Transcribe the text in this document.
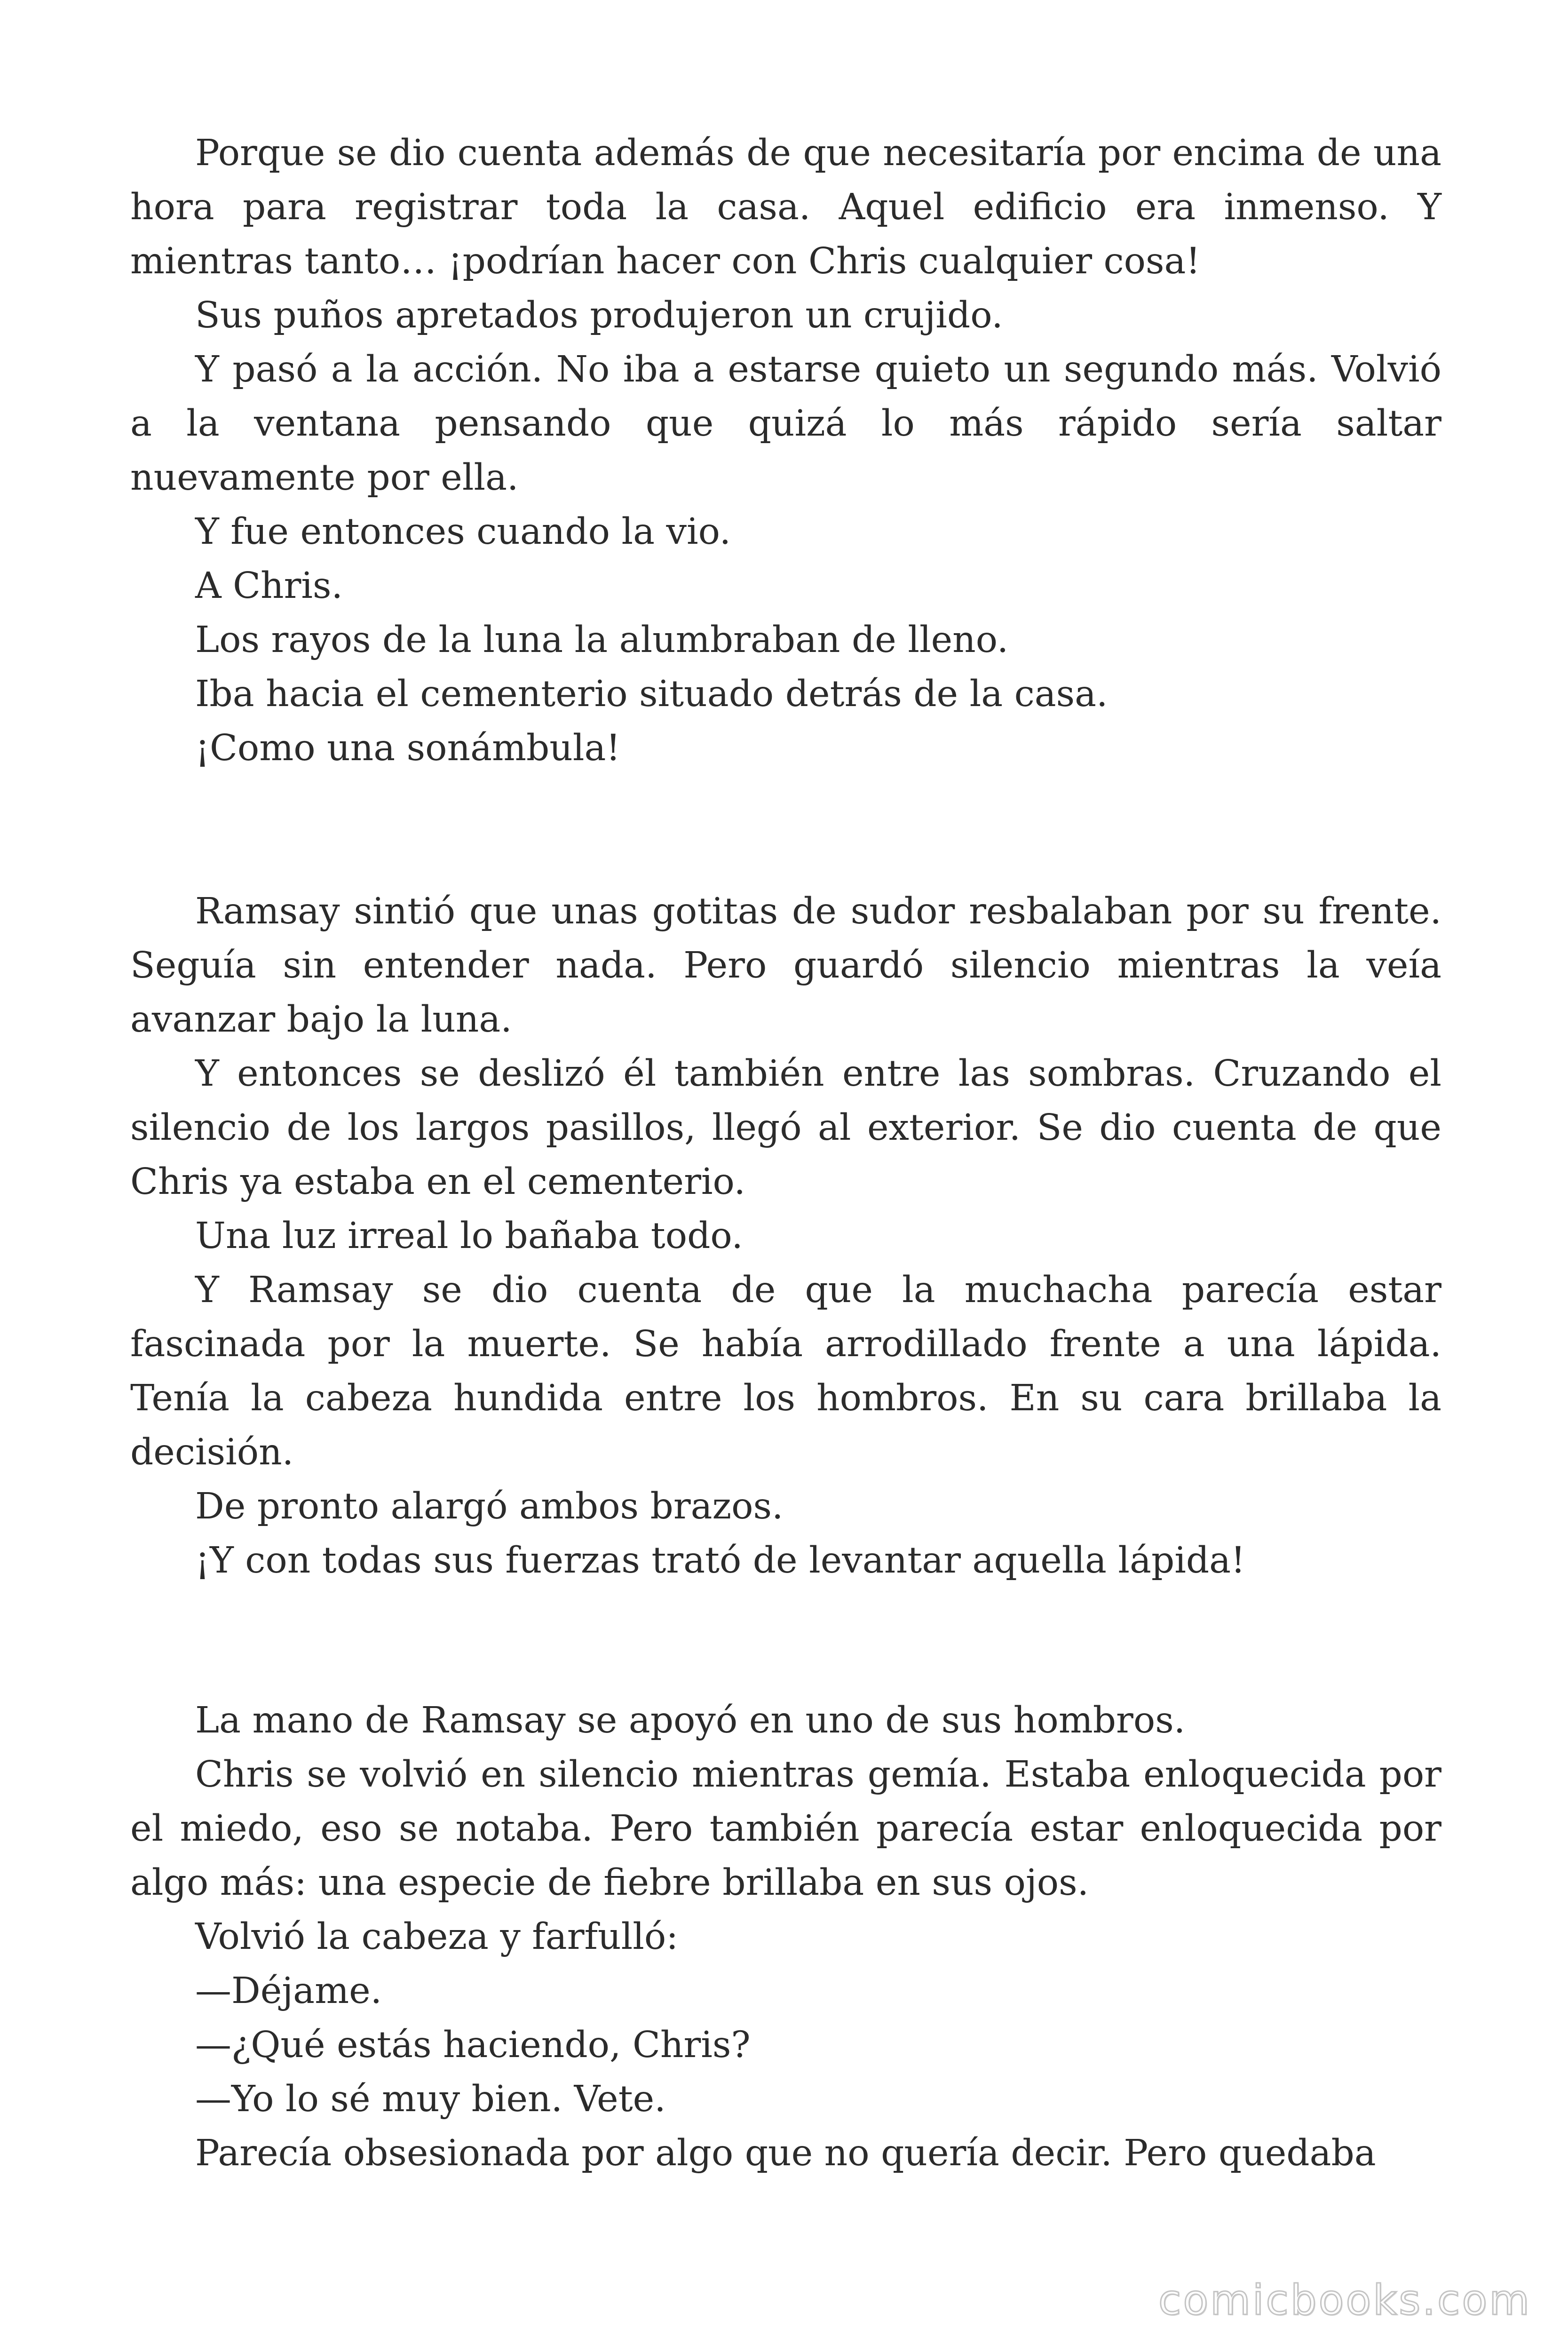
Porque se dio cuenta además de que necesitaría por encima de una hora para registrar toda la casa. Aquel edificio era inmenso. Y mientras tanto… ¡podrían hacer con Chris cualquier cosa!

Sus puños apretados produjeron un crujido.

Y pasó a la acción. No iba a estarse quieto un segundo más. Volvió a la ventana pensando que quizá lo más rápido sería saltar nuevamente por ella.

Y fue entonces cuando la vio.

A Chris.

Los rayos de la luna la alumbraban de lleno.

Iba hacia el cementerio situado detrás de la casa.

¡Como una sonámbula!

Ramsay sintió que unas gotitas de sudor resbalaban por su frente. Seguía sin entender nada. Pero guardó silencio mientras la veía avanzar bajo la luna.

Y entonces se deslizó él también entre las sombras. Cruzando el silencio de los largos pasillos, llegó al exterior. Se dio cuenta de que Chris ya estaba en el cementerio.

Una luz irreal lo bañaba todo.

Y Ramsay se dio cuenta de que la muchacha parecía estar fascinada por la muerte. Se había arrodillado frente a una lápida. Tenía la cabeza hundida entre los hombros. En su cara brillaba la decisión.

De pronto alargó ambos brazos.

¡Y con todas sus fuerzas trató de levantar aquella lápida!

La mano de Ramsay se apoyó en uno de sus hombros.

Chris se volvió en silencio mientras gemía. Estaba enloquecida por el miedo, eso se notaba. Pero también parecía estar enloquecida por algo más: una especie de fiebre brillaba en sus ojos.

Volvió la cabeza y farfulló:

—Déjame.

—¿Qué estás haciendo, Chris?

—Yo lo sé muy bien. Vete.

Parecía obsesionada por algo que no quería decir. Pero quedaba

comicbooks.com
